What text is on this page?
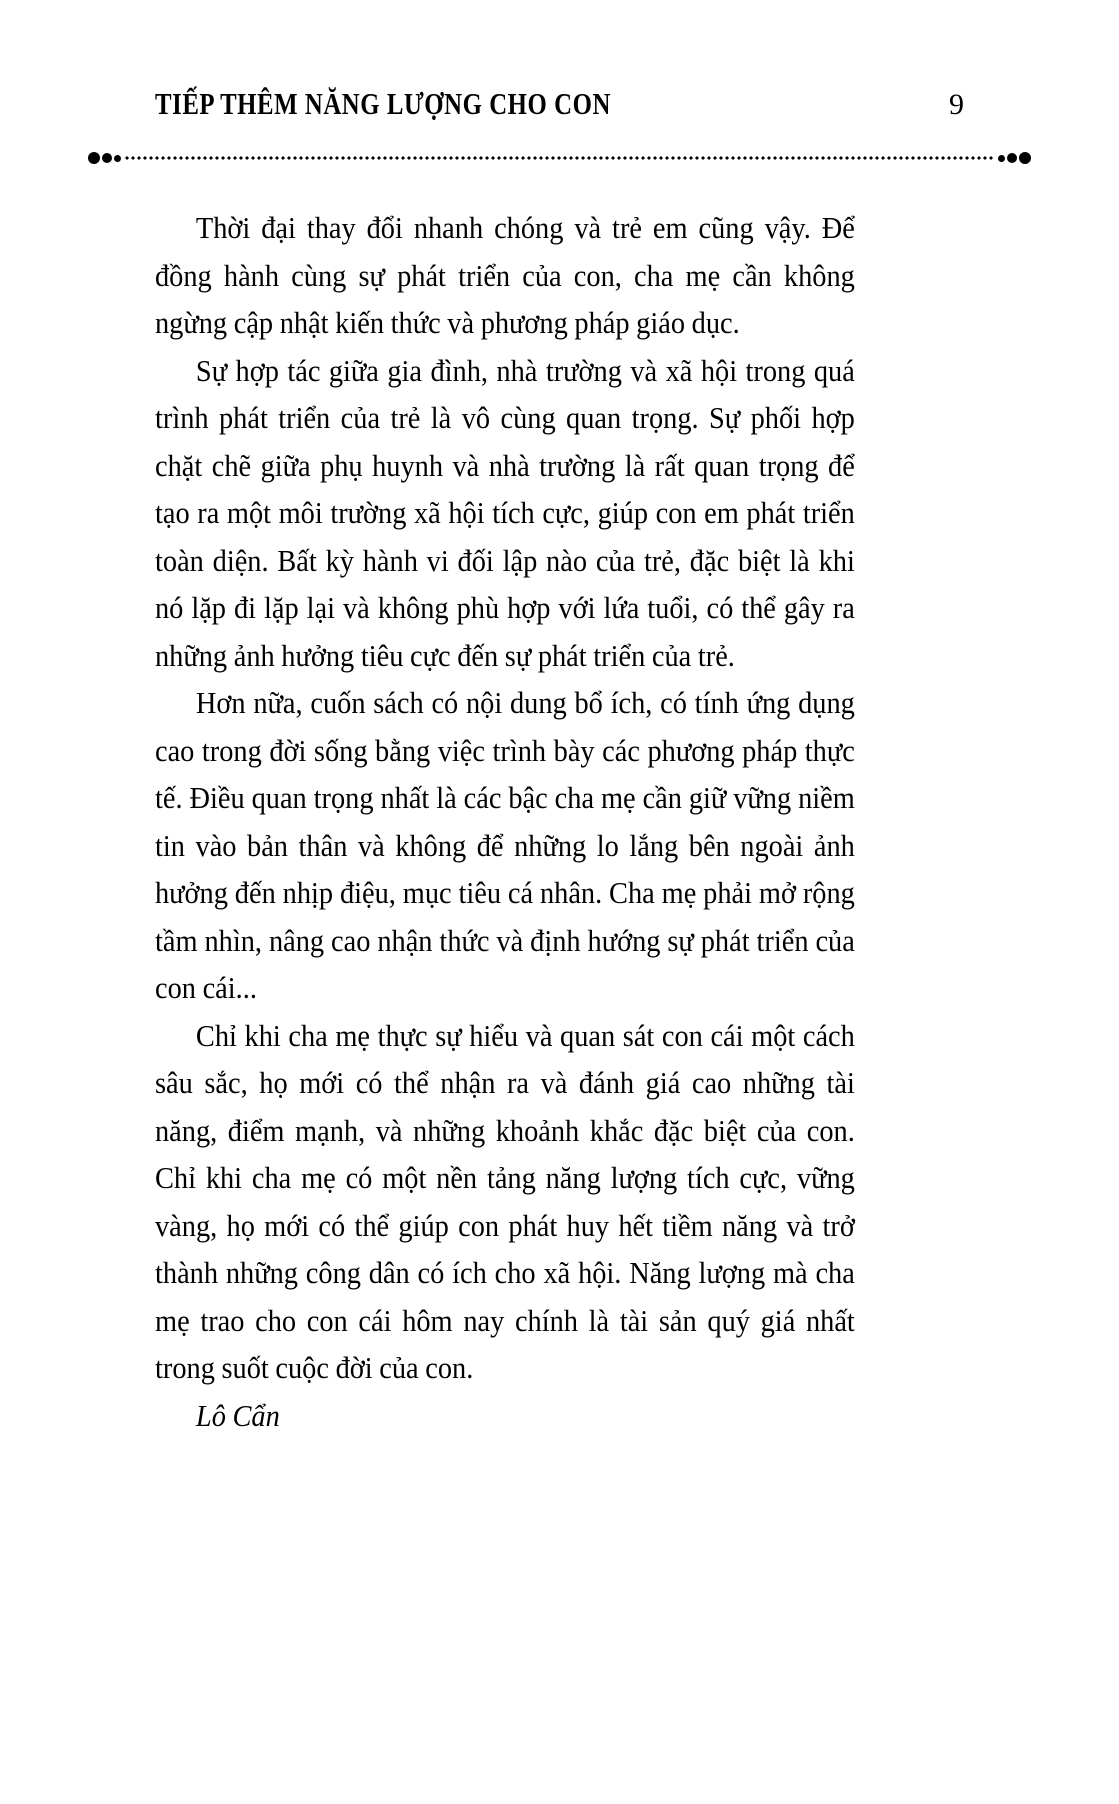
TIẾP THÊM NĂNG LƯỢNG CHO CON	9

Thời đại thay đổi nhanh chóng và trẻ em cũng vậy. Để đồng hành cùng sự phát triển của con, cha mẹ cần không ngừng cập nhật kiến thức và phương pháp giáo dục.

Sự hợp tác giữa gia đình, nhà trường và xã hội trong quá trình phát triển của trẻ là vô cùng quan trọng. Sự phối hợp chặt chẽ giữa phụ huynh và nhà trường là rất quan trọng để tạo ra một môi trường xã hội tích cực, giúp con em phát triển toàn diện. Bất kỳ hành vi đối lập nào của trẻ, đặc biệt là khi nó lặp đi lặp lại và không phù hợp với lứa tuổi, có thể gây ra những ảnh hưởng tiêu cực đến sự phát triển của trẻ.

Hơn nữa, cuốn sách có nội dung bổ ích, có tính ứng dụng cao trong đời sống bằng việc trình bày các phương pháp thực tế. Điều quan trọng nhất là các bậc cha mẹ cần giữ vững niềm tin vào bản thân và không để những lo lắng bên ngoài ảnh hưởng đến nhịp điệu, mục tiêu cá nhân. Cha mẹ phải mở rộng tầm nhìn, nâng cao nhận thức và định hướng sự phát triển của con cái...

Chỉ khi cha mẹ thực sự hiểu và quan sát con cái một cách sâu sắc, họ mới có thể nhận ra và đánh giá cao những tài năng, điểm mạnh, và những khoảnh khắc đặc biệt của con. Chỉ khi cha mẹ có một nền tảng năng lượng tích cực, vững vàng, họ mới có thể giúp con phát huy hết tiềm năng và trở thành những công dân có ích cho xã hội. Năng lượng mà cha mẹ trao cho con cái hôm nay chính là tài sản quý giá nhất trong suốt cuộc đời của con.

Lô Cẩn
